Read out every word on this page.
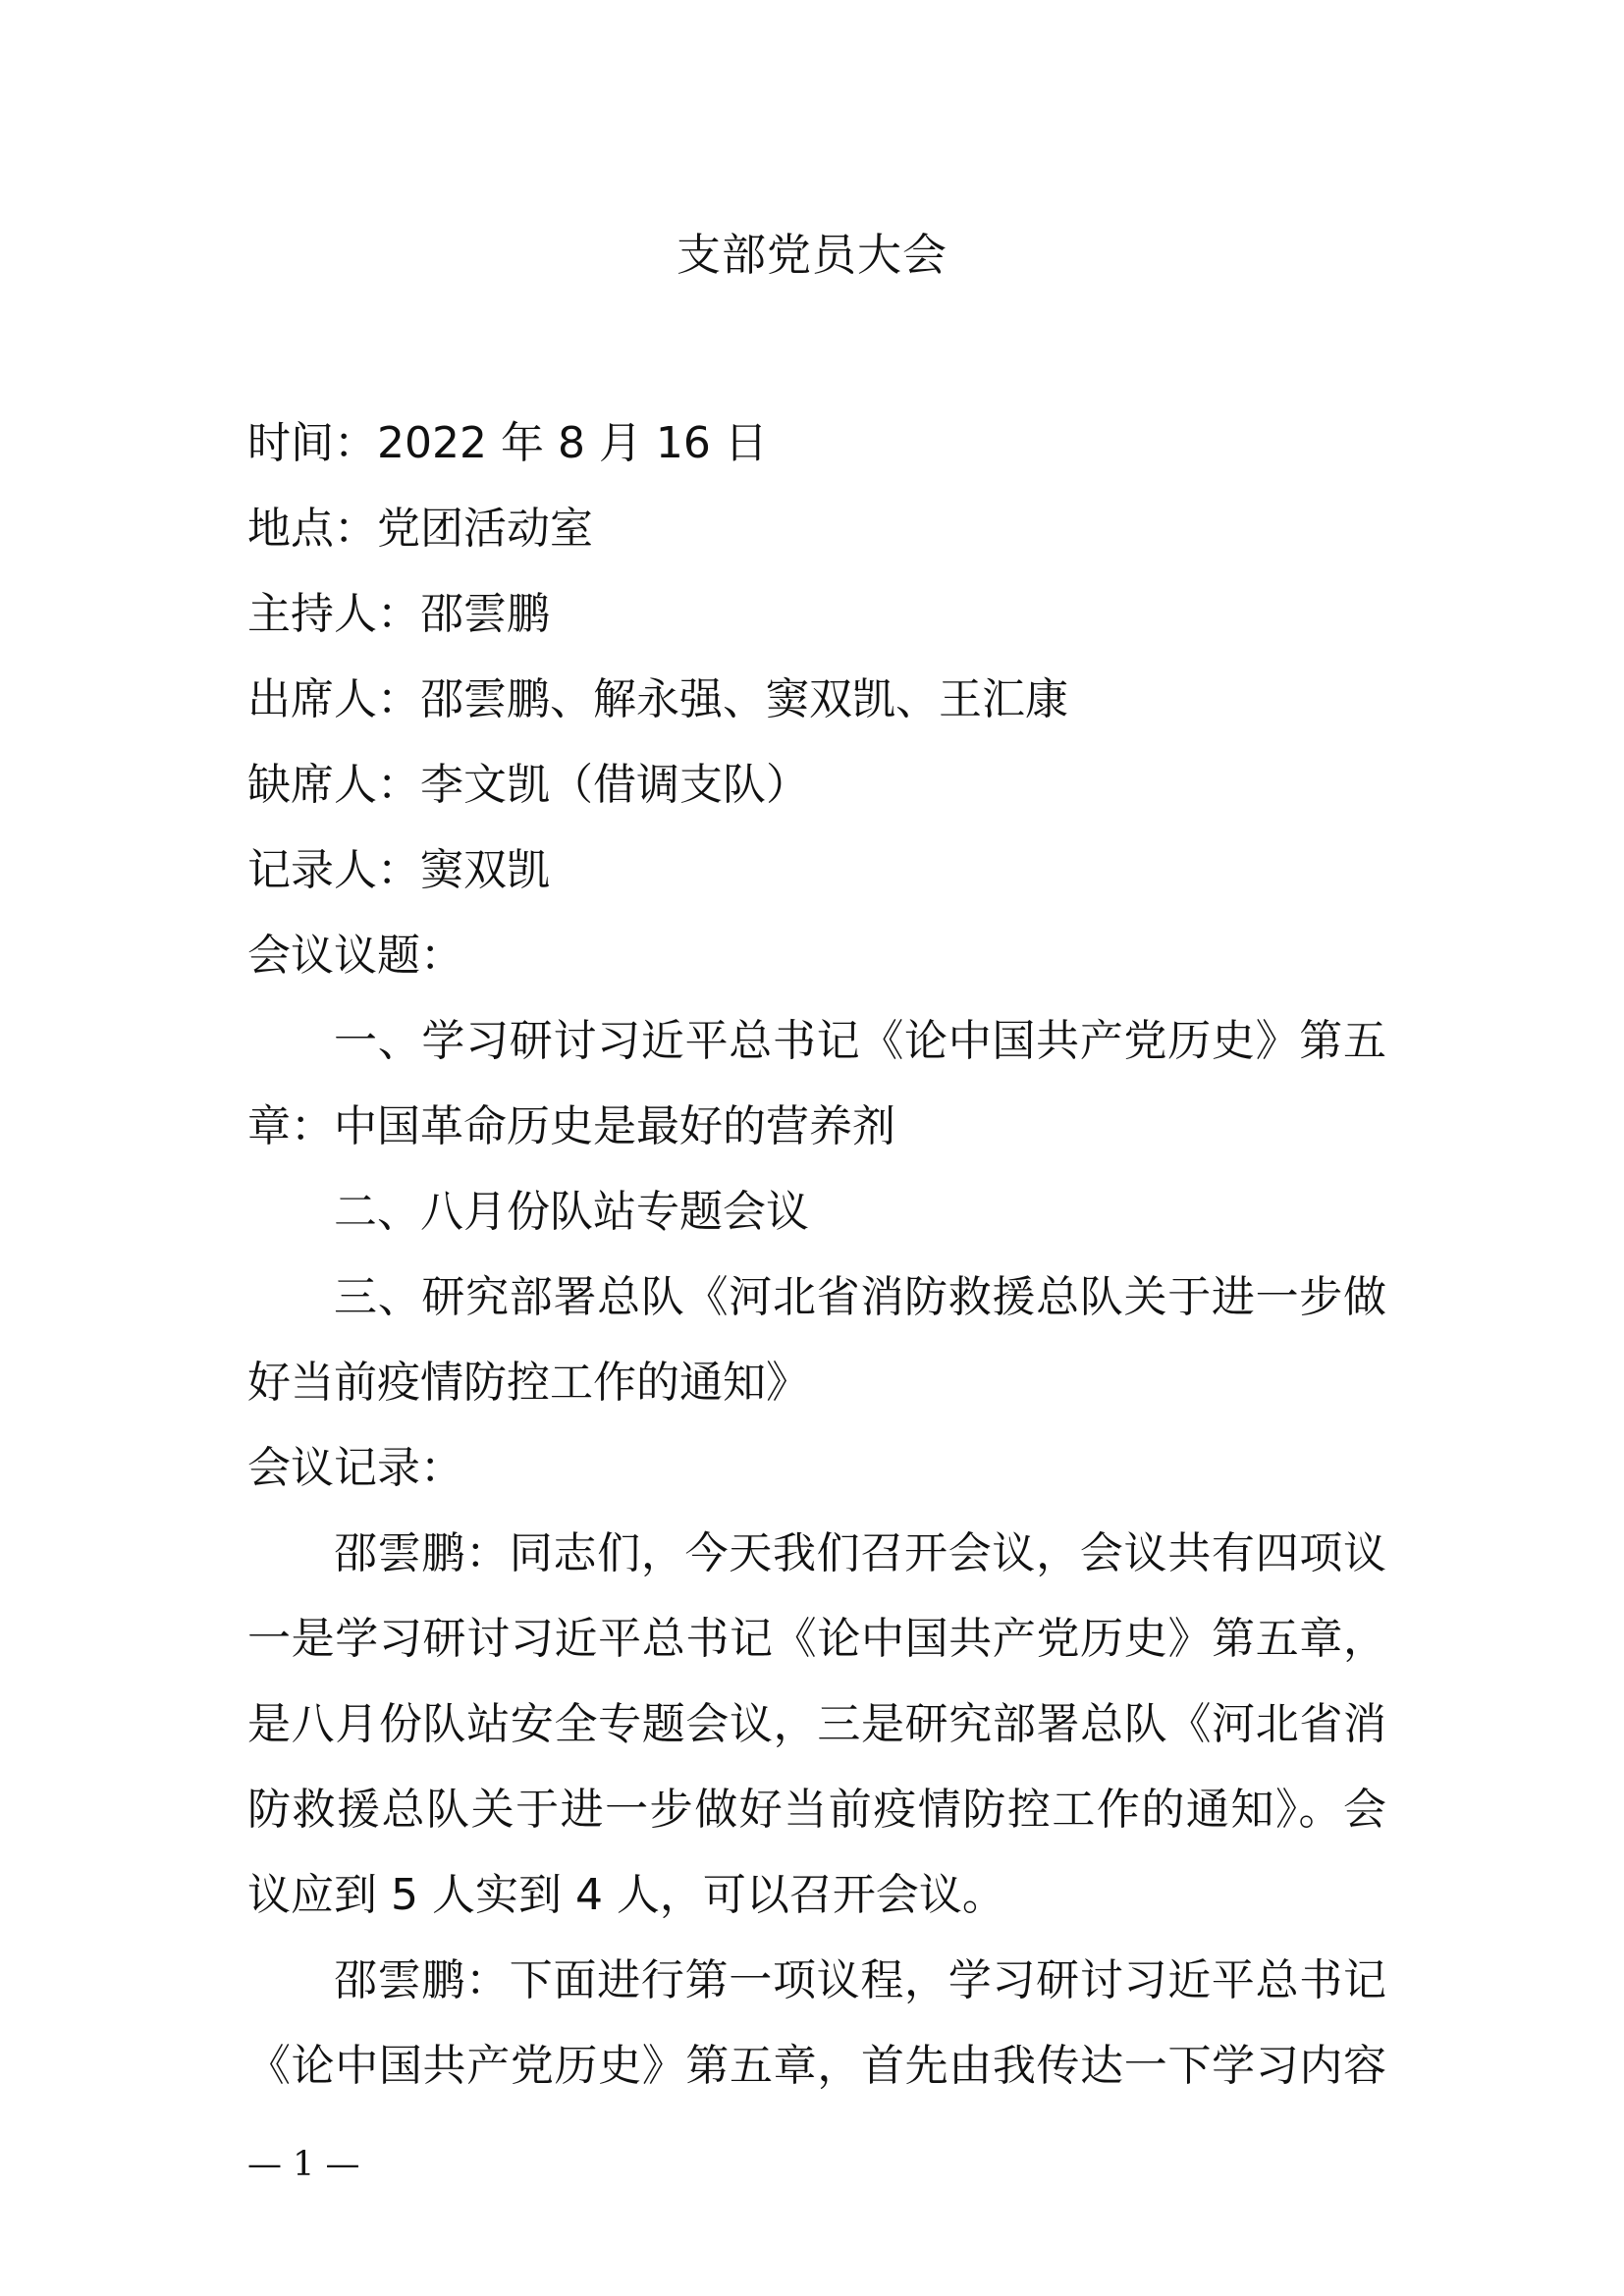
支部党员大会
时间：2022 年 8 月 16 日
地点：党团活动室
主持人：邵雲鹏
出席人：邵雲鹏、解永强、窦双凯、王汇康
缺席人：李文凯（借调支队）
记录人：窦双凯
会议议题：
一、学习研讨习近平总书记《论中国共产党历史》第五
章：中国革命历史是最好的营养剂
二、八月份队站专题会议
三、研究部署总队《河北省消防救援总队关于进一步做
好当前疫情防控工作的通知》
会议记录：
邵雲鹏：同志们，今天我们召开会议，会议共有四项议
一是学习研讨习近平总书记《论中国共产党历史》第五章，
是八月份队站安全专题会议，三是研究部署总队《河北省消
防救援总队关于进一步做好当前疫情防控工作的通知》。会
议应到 5 人实到 4 人，可以召开会议。
邵雲鹏：下面进行第一项议程，学习研讨习近平总书记
《论中国共产党历史》第五章，首先由我传达一下学习内容
— 1 —
